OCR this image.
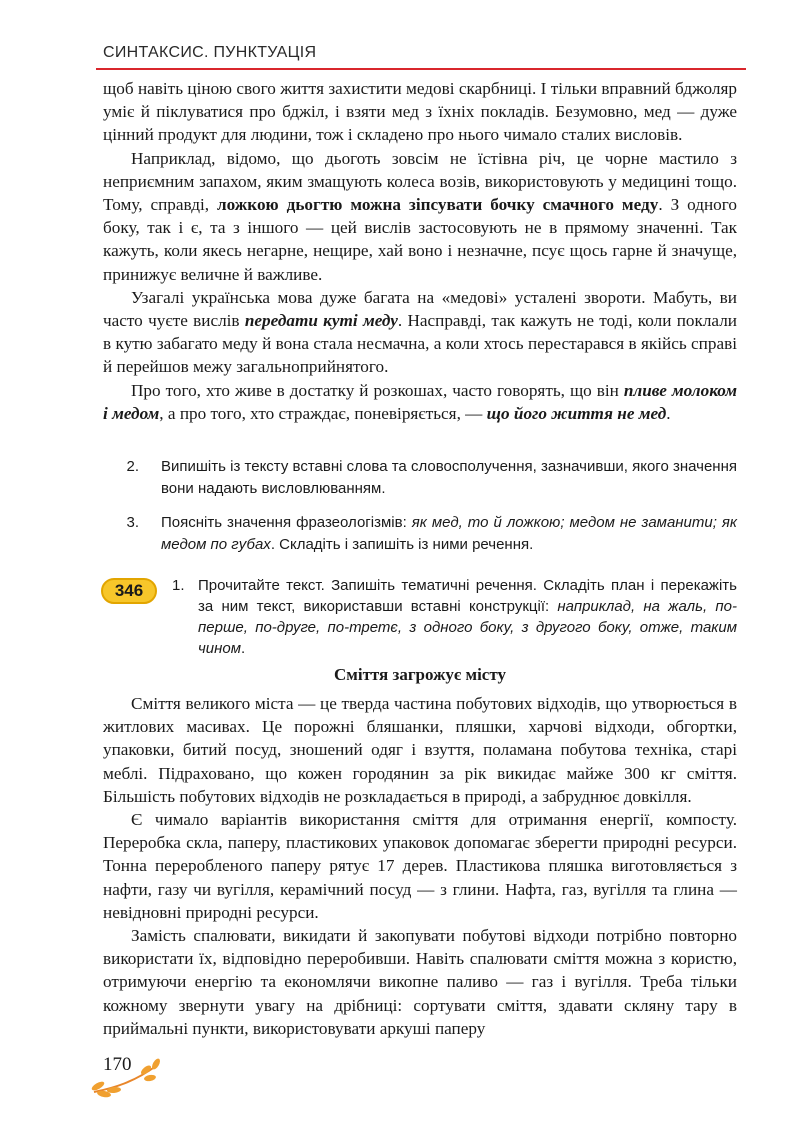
СИНТАКСИС. ПУНКТУАЦІЯ

щоб навіть ціною свого життя захистити медові скарбниці. І тільки вправний бджоляр уміє й піклуватися про бджіл, і взяти мед з їхніх покладів. Безумовно, мед — дуже цінний продукт для людини, тож і складено про нього чимало сталих висловів.

Наприклад, відомо, що дьоготь зовсім не їстівна річ, це чорне мастило з неприємним запахом, яким змащують колеса возів, використовують у медицині тощо. Тому, справді, ложкою дьогтю можна зіпсувати бочку смачного меду. З одного боку, так і є, та з іншого — цей вислів застосовують не в прямому значенні. Так кажуть, коли якесь негарне, нещире, хай воно і незначне, псує щось гарне й значуще, принижує величне й важливе.

Узагалі українська мова дуже багата на «медові» усталені звороти. Мабуть, ви часто чуєте вислів передати куті меду. Насправді, так кажуть не тоді, коли поклали в кутю забагато меду й вона стала несмачна, а коли хтось перестарався в якійсь справі й перейшов межу загальноприйнятого.

Про того, хто живе в достатку й розкошах, часто говорять, що він пливе молоком і медом, а про того, хто страждає, поневіряється, — що його життя не мед.

2.	Випишіть із тексту вставні слова та словосполучення, зазначивши, якого значення вони надають висловлюванням.
3.	Поясніть значення фразеологізмів: як мед, то й ложкою; медом не заманити; як медом по губах. Складіть і запишіть із ними речення.
346	1. Прочитайте текст. Запишіть тематичні речення. Складіть план і перекажіть за ним текст, використавши вставні конструкції: наприклад, на жаль, по-перше, по-друге, по-третє, з одного боку, з другого боку, отже, таким чином.
Сміття загрожує місту

Сміття великого міста — це тверда частина побутових відходів, що утворюється в житлових масивах. Це порожні бляшанки, пляшки, харчові відходи, обгортки, упаковки, битий посуд, зношений одяг і взуття, поламана побутова техніка, старі меблі. Підраховано, що кожен городянин за рік викидає майже 300 кг сміття. Більшість побутових відходів не розкладається в природі, а забруднює довкілля.

Є чимало варіантів використання сміття для отримання енергії, компосту. Переробка скла, паперу, пластикових упаковок допомагає зберегти природні ресурси. Тонна переробленого паперу рятує 17 дерев. Пластикова пляшка виготовляється з нафти, газу чи вугілля, керамічний посуд — з глини. Нафта, газ, вугілля та глина — невідновні природні ресурси.

Замість спалювати, викидати й закопувати побутові відходи потрібно повторно використати їх, відповідно переробивши. Навіть спалювати сміття можна з користю, отримуючи енергію та економлячи викопне паливо — газ і вугілля. Треба тільки кожному звернути увагу на дрібниці: сортувати сміття, здавати скляну тару в приймальні пункти, використовувати аркуші паперу

170
